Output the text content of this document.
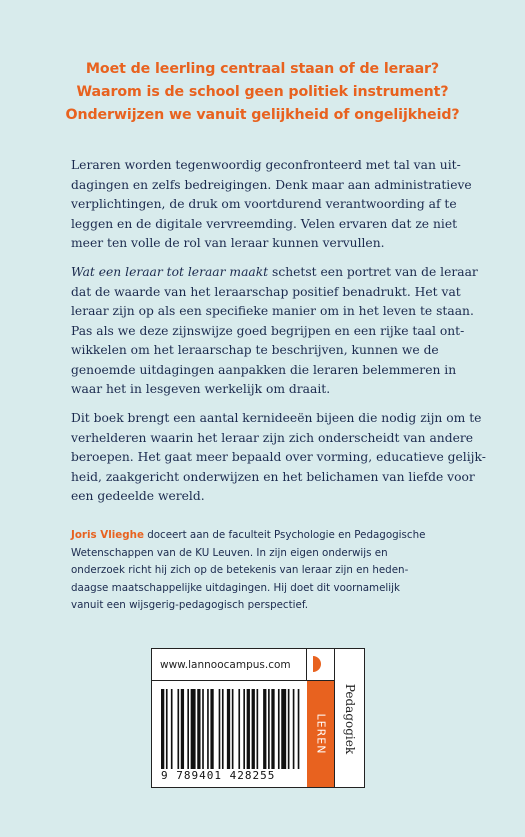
Moet de leerling centraal staan of de leraar?
Waarom is de school geen politiek instrument?
Onderwijzen we vanuit gelijkheid of ongelijkheid?

Leraren worden tegenwoordig geconfronteerd met tal van uit-

dagingen en zelfs bedreigingen. Denk maar aan administratieve

verplichtingen, de druk om voortdurend verantwoording af te

leggen en de digitale vervreemding. Velen ervaren dat ze niet

meer ten volle de rol van leraar kunnen vervullen.

Wat een leraar tot leraar maakt schetst een portret van de leraar

dat de waarde van het leraarschap positief benadrukt. Het vat

leraar zijn op als een specifieke manier om in het leven te staan.

Pas als we deze zijnswijze goed begrijpen en een rijke taal ont-

wikkelen om het leraarschap te beschrijven, kunnen we de

genoemde uitdagingen aanpakken die leraren belemmeren in

waar het in lesgeven werkelijk om draait.

Dit boek brengt een aantal kernideeën bijeen die nodig zijn om te

verhelderen waarin het leraar zijn zich onderscheidt van andere

beroepen. Het gaat meer bepaald over vorming, educatieve gelijk-

heid, zaakgericht onderwijzen en het belichamen van liefde voor

een gedeelde wereld.

Joris Vlieghe doceert aan de faculteit Psychologie en Pedagogische

Wetenschappen van de KU Leuven. In zijn eigen onderwijs en

onderzoek richt hij zich op de betekenis van leraar zijn en heden-

daagse maatschappelijke uitdagingen. Hij doet dit voornamelijk

vanuit een wijsgerig-pedagogisch perspectief.

www.lannoocampus.com
LEREN Pedagogiek
9 789401 428255
